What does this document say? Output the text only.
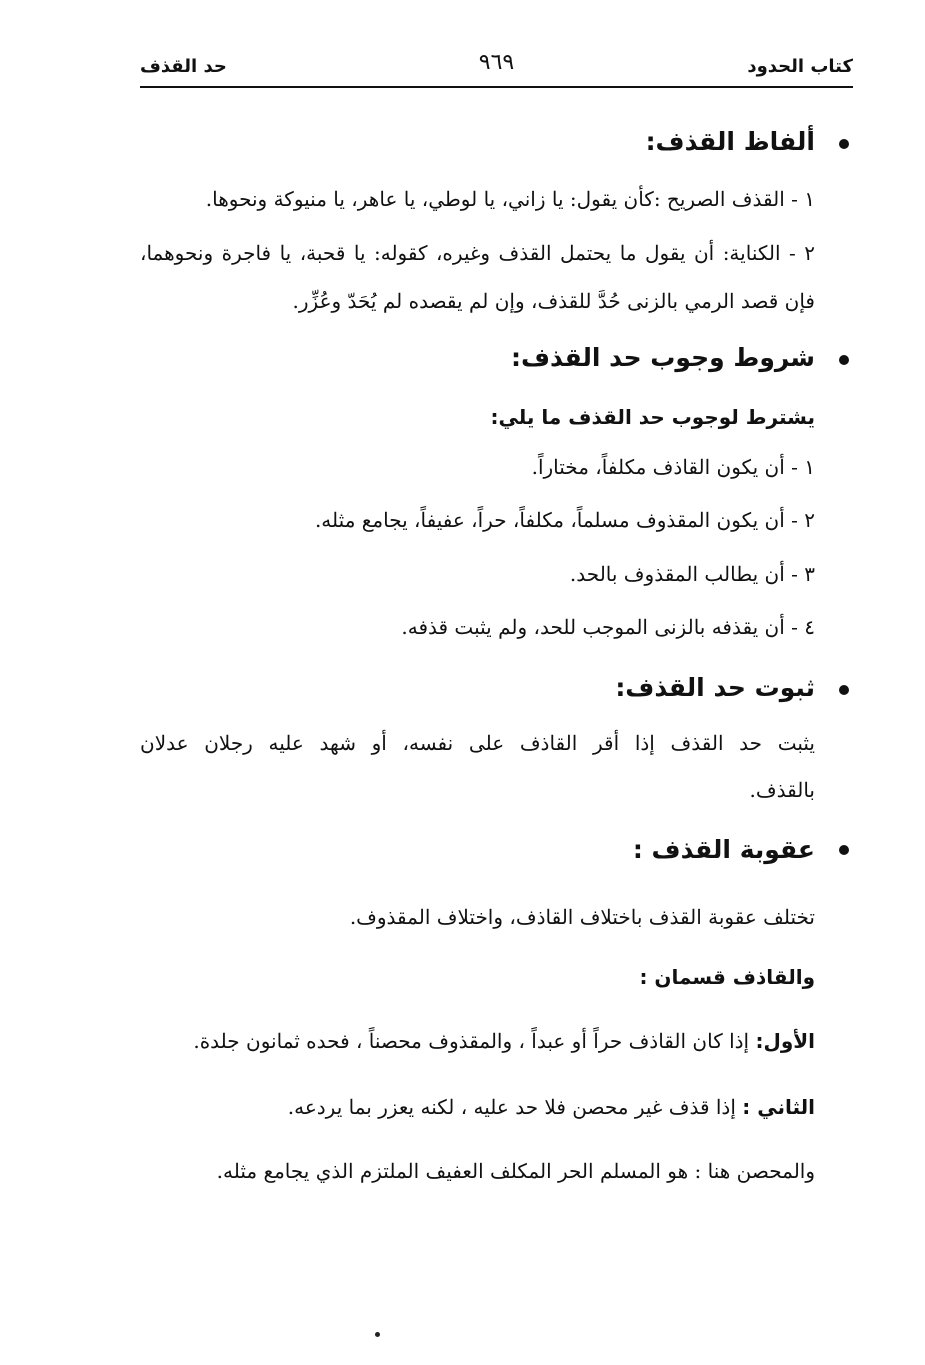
كتاب الحدود
٩٦٩
حد القذف
ألفاظ القذف:
١ - القذف الصريح :كأن يقول: يا زاني، يا لوطي، يا عاهر، يا منيوكة ونحوها.
٢ - الكناية: أن يقول ما يحتمل القذف وغيره، كقوله: يا قحبة، يا فاجرة ونحوهما،
فإن قصد الرمي بالزنى حُدَّ للقذف، وإن لم يقصده لم يُحَدّ وعُزِّر.
شروط وجوب حد القذف:
يشترط لوجوب حد القذف ما يلي:
١ - أن يكون القاذف مكلفاً، مختاراً.
٢ - أن يكون المقذوف مسلماً، مكلفاً، حراً، عفيفاً، يجامع مثله.
٣ - أن يطالب المقذوف بالحد.
٤ - أن يقذفه بالزنى الموجب للحد، ولم يثبت قذفه.
ثبوت حد القذف:
يثبت حد القذف إذا أقر القاذف على نفسه، أو شهد عليه رجلان عدلان
بالقذف.
عقوبة القذف :
تختلف عقوبة القذف باختلاف القاذف، واختلاف المقذوف.
والقاذف قسمان :
الأول: إذا كان القاذف حراً أو عبداً ، والمقذوف محصناً ، فحده ثمانون جلدة.
الثاني : إذا قذف غير محصن فلا حد عليه ، لكنه يعزر بما يردعه.
والمحصن هنا : هو المسلم الحر المكلف العفيف الملتزم الذي يجامع مثله.
